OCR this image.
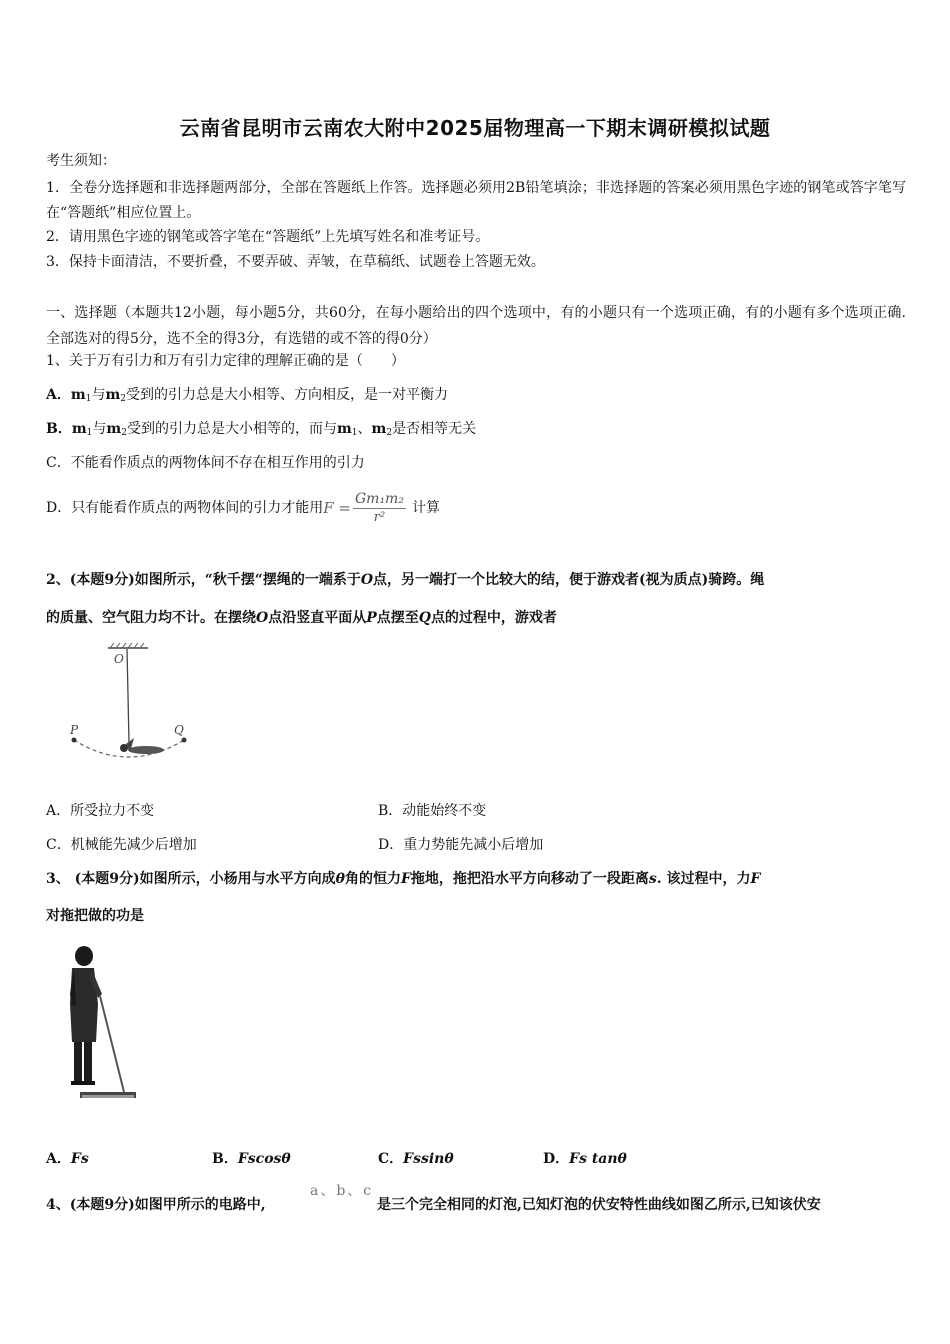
云南省昆明市云南农大附中2025届物理高一下期末调研模拟试题
考生须知：
1．全卷分选择题和非选择题两部分，全部在答题纸上作答。选择题必须用2B铅笔填涂；非选择题的答案必须用黑色字迹的钢笔或答字笔写在“答题纸”相应位置上。
2．请用黑色字迹的钢笔或答字笔在“答题纸”上先填写姓名和准考证号。
3．保持卡面清洁，不要折叠，不要弄破、弄皱，在草稿纸、试题卷上答题无效。
一、选择题（本题共12小题，每小题5分，共60分，在每小题给出的四个选项中，有的小题只有一个选项正确，有的小题有多个选项正确.全部选对的得5分，选不全的得3分，有选错的或不答的得0分）
1、关于万有引力和万有引力定律的理解正确的是（　　）
A．$m_1$与$m_2$受到的引力总是大小相等、方向相反，是一对平衡力
B．$m_1$与$m_2$受到的引力总是大小相等的，而与$m_1$、$m_2$是否相等无关
C．不能看作质点的两物体间不存在相互作用的引力
D．只有能看作质点的两物体间的引力才能用$F = \frac{\text{Gm₁m₂}}{\text{r²}}$ 计算
2、(本题9分)如图所示，“秋千摆“摆绳的一端系于O点，另一端打一个比较大的结，便于游戏者(视为质点)骑跨。绳
的质量、空气阻力均不计。在摆绕O点沿竖直平面从P点摆至Q点的过程中，游戏者
O
P	Q
A．所受拉力不变	B．动能始终不变
C．机械能先减少后增加	D．重力势能先减小后增加
3、 (本题9分)如图所示，小杨用与水平方向成θ角的恒力F拖地，拖把沿水平方向移动了一段距离s. 该过程中，力F
对拖把做的功是
A．Fs	B．Fscosθ	C．Fssinθ	D．Fs tanθ
4、(本题9分)如图甲所示的电路中,
a、b、c
是三个完全相同的灯泡,已知灯泡的伏安特性曲线如图乙所示,已知该伏安
